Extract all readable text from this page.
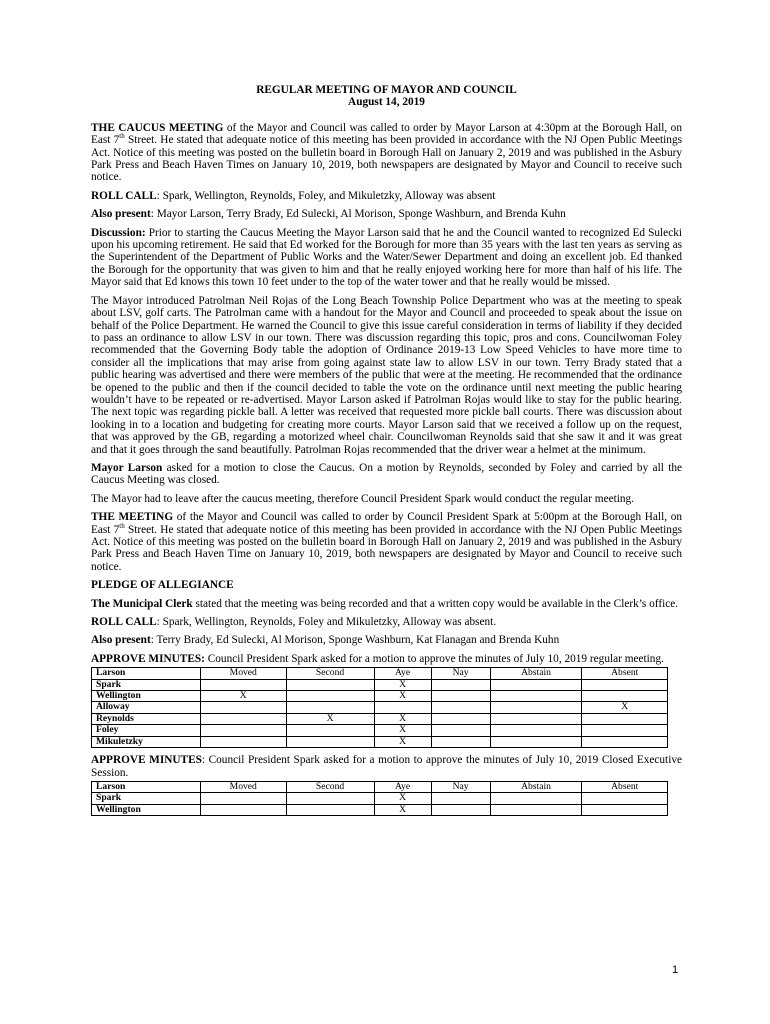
REGULAR MEETING OF MAYOR AND COUNCIL
August 14, 2019

THE CAUCUS MEETING of the Mayor and Council was called to order by Mayor Larson at 4:30pm at the Borough Hall, on East 7th Street. He stated that adequate notice of this meeting has been provided in accordance with the NJ Open Public Meetings Act. Notice of this meeting was posted on the bulletin board in Borough Hall on January 2, 2019 and was published in the Asbury Park Press and Beach Haven Times on January 10, 2019, both newspapers are designated by Mayor and Council to receive such notice.

ROLL CALL: Spark, Wellington, Reynolds, Foley, and Mikuletzky, Alloway was absent

Also present: Mayor Larson, Terry Brady, Ed Sulecki, Al Morison, Sponge Washburn, and Brenda Kuhn

Discussion: Prior to starting the Caucus Meeting the Mayor Larson said that he and the Council wanted to recognized Ed Sulecki upon his upcoming retirement. He said that Ed worked for the Borough for more than 35 years with the last ten years as serving as the Superintendent of the Department of Public Works and the Water/Sewer Department and doing an excellent job. Ed thanked the Borough for the opportunity that was given to him and that he really enjoyed working here for more than half of his life. The Mayor said that Ed knows this town 10 feet under to the top of the water tower and that he really would be missed.

The Mayor introduced Patrolman Neil Rojas of the Long Beach Township Police Department who was at the meeting to speak about LSV, golf carts. The Patrolman came with a handout for the Mayor and Council and proceeded to speak about the issue on behalf of the Police Department. He warned the Council to give this issue careful consideration in terms of liability if they decided to pass an ordinance to allow LSV in our town. There was discussion regarding this topic, pros and cons. Councilwoman Foley recommended that the Governing Body table the adoption of Ordinance 2019-13 Low Speed Vehicles to have more time to consider all the implications that may arise from going against state law to allow LSV in our town. Terry Brady stated that a public hearing was advertised and there were members of the public that were at the meeting. He recommended that the ordinance be opened to the public and then if the council decided to table the vote on the ordinance until next meeting the public hearing wouldn’t have to be repeated or re-advertised. Mayor Larson asked if Patrolman Rojas would like to stay for the public hearing. The next topic was regarding pickle ball. A letter was received that requested more pickle ball courts. There was discussion about looking in to a location and budgeting for creating more courts. Mayor Larson said that we received a follow up on the request, that was approved by the GB, regarding a motorized wheel chair. Councilwoman Reynolds said that she saw it and it was great and that it goes through the sand beautifully. Patrolman Rojas recommended that the driver wear a helmet at the minimum.

Mayor Larson asked for a motion to close the Caucus. On a motion by Reynolds, seconded by Foley and carried by all the Caucus Meeting was closed.

The Mayor had to leave after the caucus meeting, therefore Council President Spark would conduct the regular meeting.

THE MEETING of the Mayor and Council was called to order by Council President Spark at 5:00pm at the Borough Hall, on East 7th Street. He stated that adequate notice of this meeting has been provided in accordance with the NJ Open Public Meetings Act. Notice of this meeting was posted on the bulletin board in Borough Hall on January 2, 2019 and was published in the Asbury Park Press and Beach Haven Time on January 10, 2019, both newspapers are designated by Mayor and Council to receive such notice.

PLEDGE OF ALLEGIANCE

The Municipal Clerk stated that the meeting was being recorded and that a written copy would be available in the Clerk’s office.

ROLL CALL: Spark, Wellington, Reynolds, Foley and Mikuletzky, Alloway was absent.

Also present: Terry Brady, Ed Sulecki, Al Morison, Sponge Washburn, Kat Flanagan and Brenda Kuhn

APPROVE MINUTES: Council President Spark asked for a motion to approve the minutes of July 10, 2019 regular meeting.

Larson	Moved	Second	Aye	Nay	Abstain	Absent
Spark			X			
Wellington	X		X			
Alloway						X
Reynolds		X	X			
Foley			X			
Mikuletzky			X			

APPROVE MINUTES: Council President Spark asked for a motion to approve the minutes of July 10, 2019 Closed Executive Session.

Larson	Moved	Second	Aye	Nay	Abstain	Absent
Spark			X			
Wellington			X			
1
